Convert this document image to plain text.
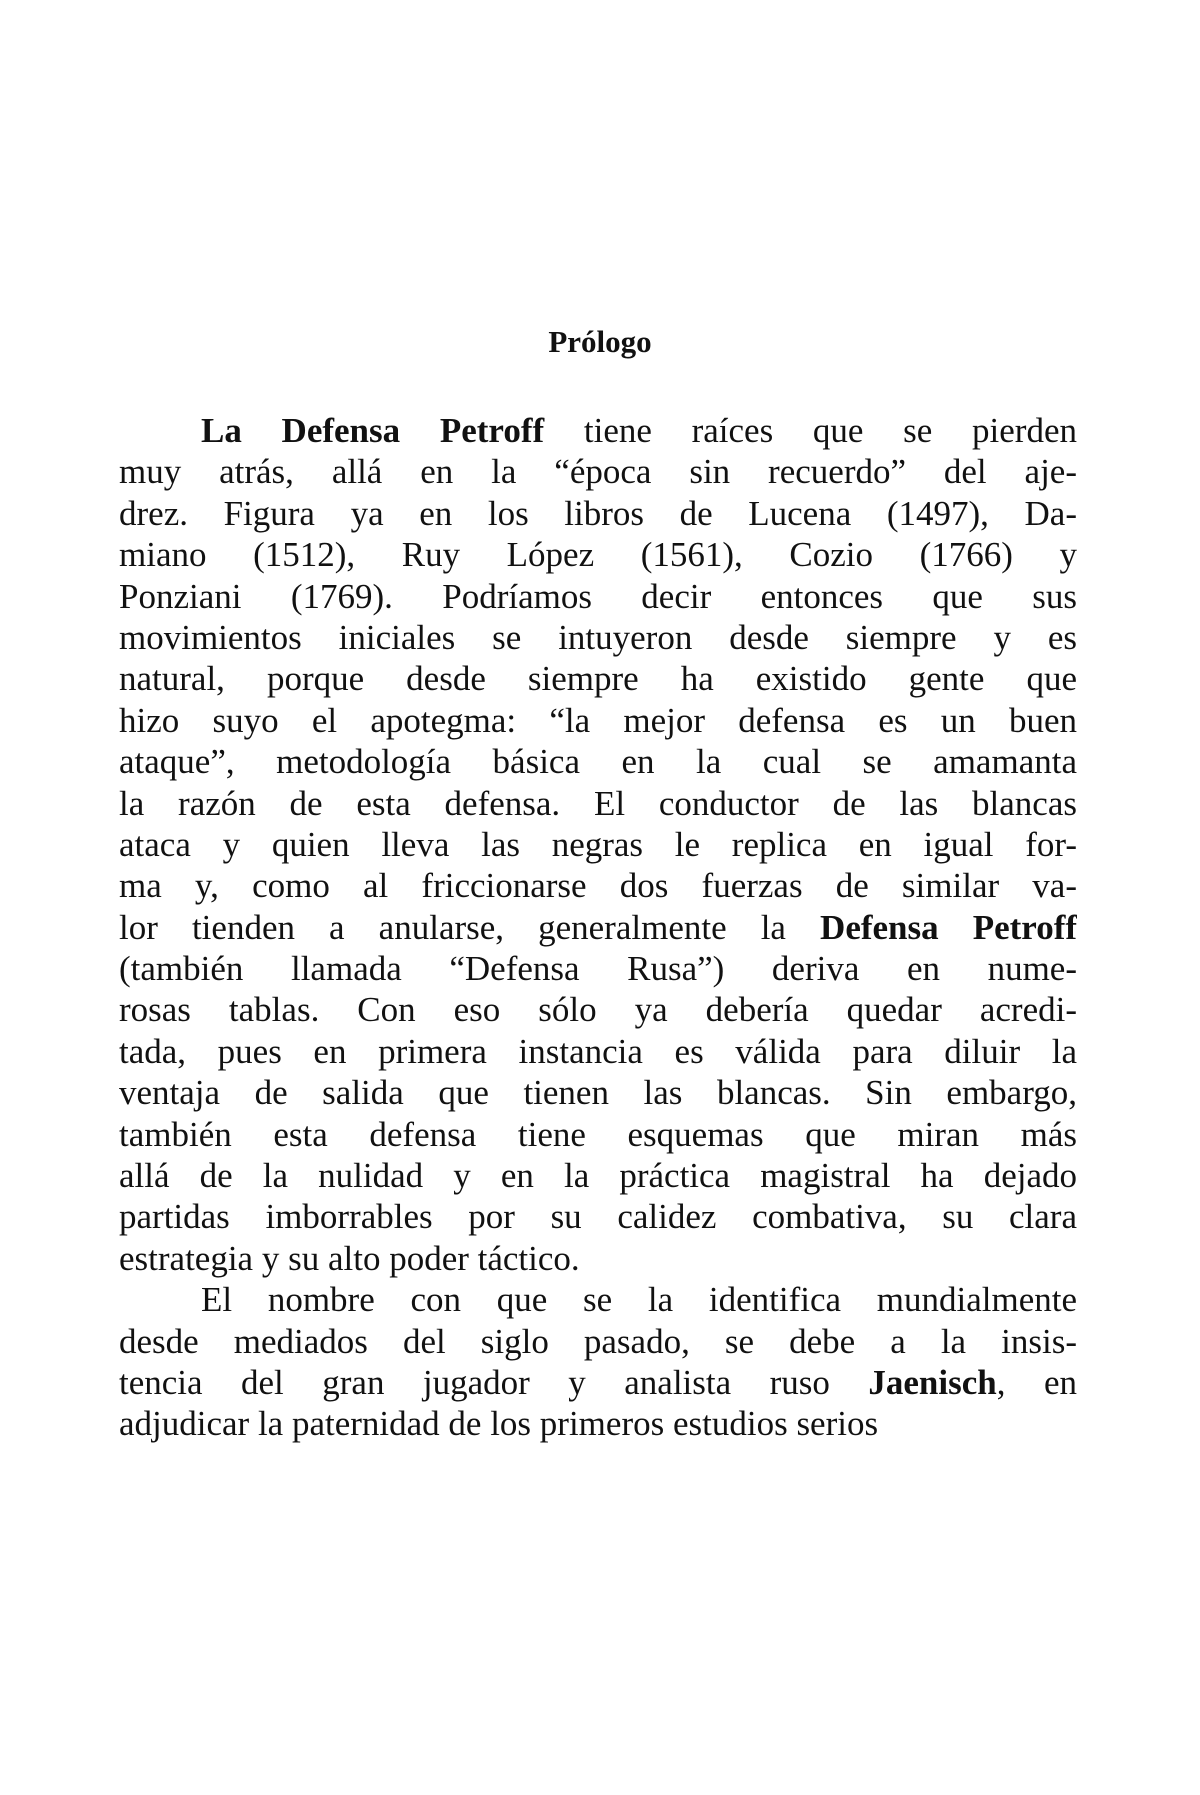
Prólogo
La Defensa Petroff tiene raíces que se pierden
muy atrás, allá en la “época sin recuerdo” del aje-
drez. Figura ya en los libros de Lucena (1497), Da-
miano (1512), Ruy López (1561), Cozio (1766) y
Ponziani (1769). Podríamos decir entonces que sus
movimientos iniciales se intuyeron desde siempre y es
natural, porque desde siempre ha existido gente que
hizo suyo el apotegma: “la mejor defensa es un buen
ataque”, metodología básica en la cual se amamanta
la razón de esta defensa. El conductor de las blancas
ataca y quien lleva las negras le replica en igual for-
ma y, como al friccionarse dos fuerzas de similar va-
lor tienden a anularse, generalmente la Defensa Petroff
(también llamada “Defensa Rusa”) deriva en nume-
rosas tablas. Con eso sólo ya debería quedar acredi-
tada, pues en primera instancia es válida para diluir la
ventaja de salida que tienen las blancas. Sin embargo,
también esta defensa tiene esquemas que miran más
allá de la nulidad y en la práctica magistral ha dejado
partidas imborrables por su calidez combativa, su clara
estrategia y su alto poder táctico.
El nombre con que se la identifica mundialmente
desde mediados del siglo pasado, se debe a la insis-
tencia del gran jugador y analista ruso Jaenisch, en
adjudicar la paternidad de los primeros estudios serios
